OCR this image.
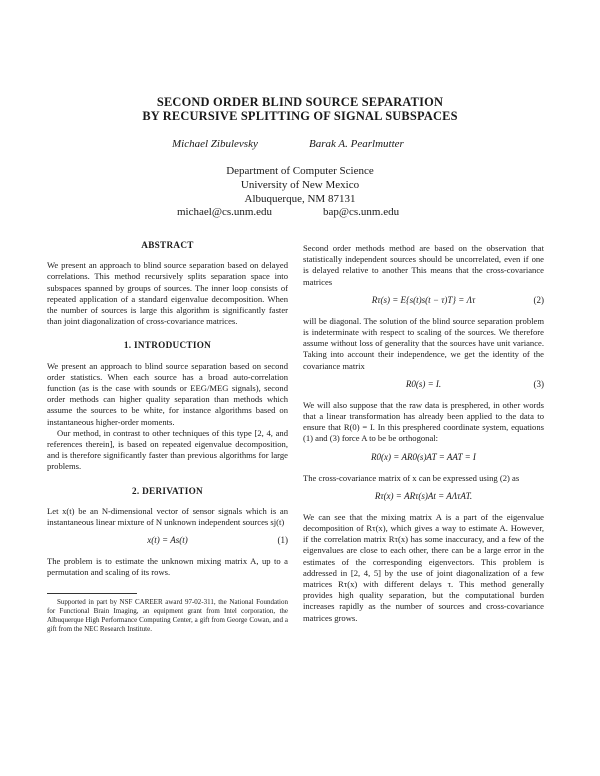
SECOND ORDER BLIND SOURCE SEPARATION
BY RECURSIVE SPLITTING OF SIGNAL SUBSPACES
Michael Zibulevsky	Barak A. Pearlmutter
Department of Computer Science
University of New Mexico
Albuquerque, NM 87131
michael@cs.unm.edu	bap@cs.unm.edu
ABSTRACT

We present an approach to blind source separation based on delayed correlations. This method recursively splits separation space into subspaces spanned by groups of sources. The inner loop consists of repeated application of a standard eigenvalue decomposition. When the number of sources is large this algorithm is significantly faster than joint diagonalization of cross-covariance matrices.

1. INTRODUCTION

We present an approach to blind source separation based on second order statistics. When each source has a broad auto-correlation function (as is the case with sounds or EEG/MEG signals), second order methods can higher quality separation than methods which assume the sources to be white, for instance algorithms based on instantaneous higher-order moments.

Our method, in contrast to other techniques of this type [2, 4, and references therein], is based on repeated eigenvalue decomposition, and is therefore significantly faster than previous algorithms for large problems.

2. DERIVATION

Let x(t) be an N-dimensional vector of sensor signals which is an instantaneous linear mixture of N unknown independent sources sj(t)

x(t) = As(t)	(1)

The problem is to estimate the unknown mixing matrix A, up to a permutation and scaling of its rows.

Supported in part by NSF CAREER award 97-02-311, the National Foundation for Functional Brain Imaging, an equipment grant from Intel corporation, the Albuquerque High Performance Computing Center, a gift from George Cowan, and a gift from the NEC Research Institute.

Second order methods method are based on the observation that statistically independent sources should be uncorrelated, even if one is delayed relative to another This means that the cross-covariance matrices

Rτ(s) = E{s(t)s(t − τ)T} = Λτ	(2)

will be diagonal. The solution of the blind source separation problem is indeterminate with respect to scaling of the sources. We therefore assume without loss of generality that the sources have unit variance. Taking into account their independence, we get the identity of the covariance matrix

R0(s) = I.	(3)

We will also suppose that the raw data is presphered, in other words that a linear transformation has already been applied to the data to ensure that R(0) = I. In this presphered coordinate system, equations (1) and (3) force A to be be orthogonal:

R0(x) = AR0(s)AT = AAT = I

The cross-covariance matrix of x can be expressed using (2) as

Rτ(x) = ARτ(s)At = AΛτAT.

We can see that the mixing matrix A is a part of the eigenvalue decomposition of Rτ(x), which gives a way to estimate A. However, if the correlation matrix Rτ(x) has some inaccuracy, and a few of the eigenvalues are close to each other, there can be a large error in the estimates of the corresponding eigenvectors. This problem is addressed in [2, 4, 5] by the use of joint diagonalization of a few matrices Rτ(x) with different delays τ. This method generally provides high quality separation, but the computational burden increases rapidly as the number of sources and cross-covariance matrices grows.
